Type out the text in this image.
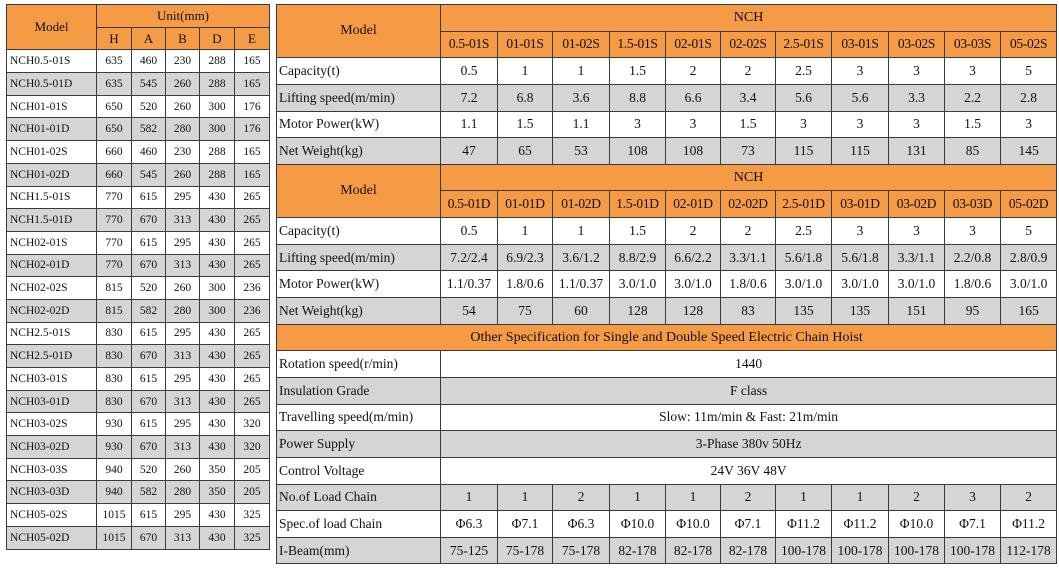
Model	Unit(mm)				
	H	A	B	D	E
NCH0.5-01S	635	460	230	288	165
NCH0.5-01D	635	545	260	288	165
NCH01-01S	650	520	260	300	176
NCH01-01D	650	582	280	300	176
NCH01-02S	660	460	230	288	165
NCH01-02D	660	545	260	288	165
NCH1.5-01S	770	615	295	430	265
NCH1.5-01D	770	670	313	430	265
NCH02-01S	770	615	295	430	265
NCH02-01D	770	670	313	430	265
NCH02-02S	815	520	260	300	236
NCH02-02D	815	582	280	300	236
NCH2.5-01S	830	615	295	430	265
NCH2.5-01D	830	670	313	430	265
NCH03-01S	830	615	295	430	265
NCH03-01D	830	670	313	430	265
NCH03-02S	930	615	295	430	320
NCH03-02D	930	670	313	430	320
NCH03-03S	940	520	260	350	205
NCH03-03D	940	582	280	350	205
NCH05-02S	1015	615	295	430	325
NCH05-02D	1015	670	313	430	325
Model	NCH										
	0.5-01S	01-01S	01-02S	1.5-01S	02-01S	02-02S	2.5-01S	03-01S	03-02S	03-03S	05-02S
Capacity(t)	0.5	1	1	1.5	2	2	2.5	3	3	3	5
Lifting speed(m/min)	7.2	6.8	3.6	8.8	6.6	3.4	5.6	5.6	3.3	2.2	2.8
Motor Power(kW)	1.1	1.5	1.1	3	3	1.5	3	3	3	1.5	3
Net Weight(kg)	47	65	53	108	108	73	115	115	131	85	145
Model	NCH										
	0.5-01D	01-01D	01-02D	1.5-01D	02-01D	02-02D	2.5-01D	03-01D	03-02D	03-03D	05-02D
Capacity(t)	0.5	1	1	1.5	2	2	2.5	3	3	3	5
Lifting speed(m/min)	7.2/2.4	6.9/2.3	3.6/1.2	8.8/2.9	6.6/2.2	3.3/1.1	5.6/1.8	5.6/1.8	3.3/1.1	2.2/0.8	2.8/0.9
Motor Power(kW)	1.1/0.37	1.8/0.6	1.1/0.37	3.0/1.0	3.0/1.0	1.8/0.6	3.0/1.0	3.0/1.0	3.0/1.0	1.8/0.6	3.0/1.0
Net Weight(kg)	54	75	60	128	128	83	135	135	151	95	165
Other Specification for Single and Double Speed Electric Chain Hoist											
Rotation speed(r/min)	1440										
Insulation Grade	F class										
Travelling speed(m/min)	Slow: 11m/min & Fast: 21m/min										
Power Supply	3-Phase 380v 50Hz										
Control Voltage	24V 36V 48V										
No.of Load Chain	1	1	2	1	1	2	1	1	2	3	2
Spec.of load Chain	Φ6.3	Φ7.1	Φ6.3	Φ10.0	Φ10.0	Φ7.1	Φ11.2	Φ11.2	Φ10.0	Φ7.1	Φ11.2
I-Beam(mm)	75-125	75-178	75-178	82-178	82-178	82-178	100-178	100-178	100-178	100-178	112-178
